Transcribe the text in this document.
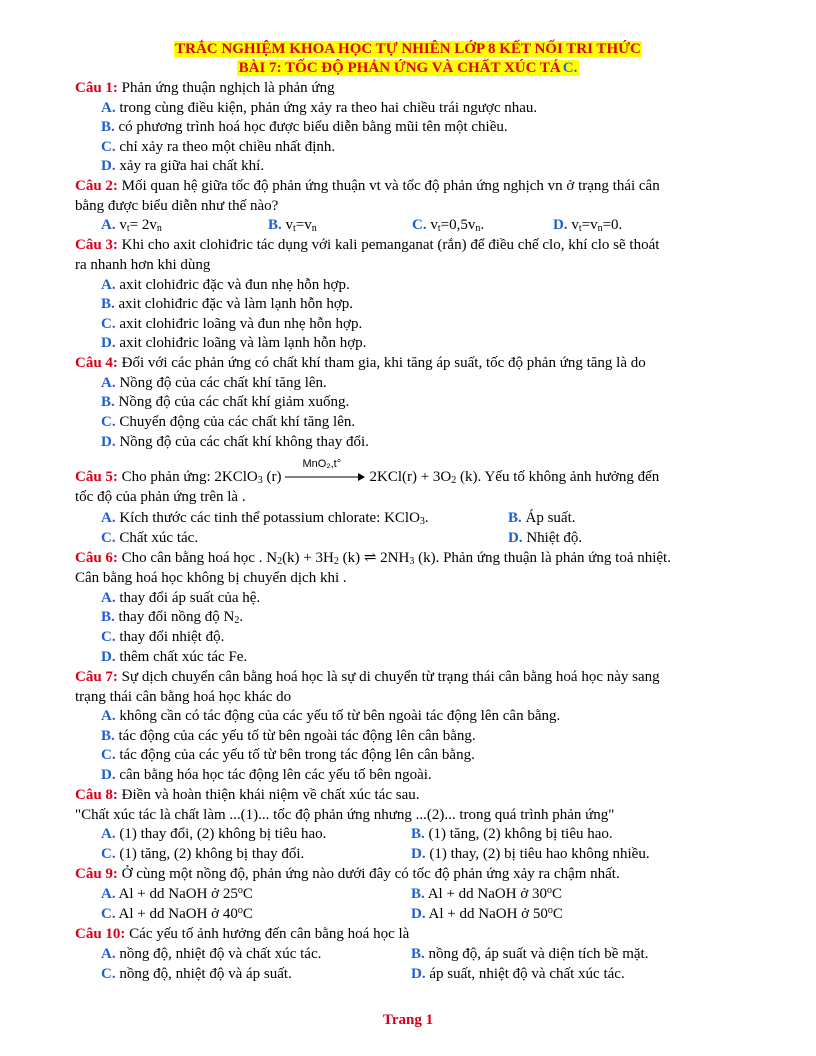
TRẮC NGHIỆM KHOA HỌC TỰ NHIÊN LỚP 8 KẾT NỐI TRI THỨC
BÀI 7: TỐC ĐỘ PHẢN ỨNG VÀ CHẤT XÚC TÁ C.
Câu 1: Phản ứng thuận nghịch là phản ứng
A. trong cùng điều kiện, phản ứng xảy ra theo hai chiều trái ngược nhau.
B. có phương trình hoá học được biểu diễn bằng mũi tên một chiều.
C. chỉ xảy ra theo một chiều nhất định.
D. xảy ra giữa hai chất khí.
Câu 2: Mối quan hệ giữa tốc độ phản ứng thuận vt và tốc độ phản ứng nghịch vn ở trạng thái cân
bằng được biểu diễn như thế nào?
A. $v_t= 2v_n$	B. $v_t=v_n$	C. $v_t=0,5v_n$.	D. $v_t=v_n=0$.
Câu 3: Khi cho axit clohiđric tác dụng với kali pemanganat (rắn) để điều chế clo, khí clo sẽ thoát
ra nhanh hơn khi dùng
A. axit clohiđric đặc và đun nhẹ hỗn hợp.
B. axit clohiđric đặc và làm lạnh hỗn hợp.
C. axit clohiđric loãng và đun nhẹ hỗn hợp.
D. axit clohiđric loãng và làm lạnh hỗn hợp.
Câu 4: Đối với các phản ứng có chất khí tham gia, khi tăng áp suất, tốc độ phản ứng tăng là do
A. Nồng độ của các chất khí tăng lên.
B. Nồng độ của các chất khí giảm xuống.
C. Chuyển động của các chất khí tăng lên.
D. Nồng độ của các chất khí không thay đổi.
Câu 5: Cho phản ứng: 2KClO$_3$ (r)
MnO₂,t°
$2KCl(r) + 3O_2$ (k). Yếu tố không ảnh hưởng đến
tốc độ của phản ứng trên là .
A. Kích thước các tinh thể potassium chlorate: KClO$_3$.	B. Áp suất.
C. Chất xúc tác.	D. Nhiệt độ.
Câu 6: Cho cân bằng hoá học . $N_2(k) + 3H_2$ (k) ⇌ $2NH_3$ (k). Phản ứng thuận là phản ứng toả nhiệt.
Cân bằng hoá học không bị chuyển dịch khi .
A. thay đổi áp suất của hệ.
B. thay đổi nồng độ $N_2$.
C. thay đổi nhiệt độ.
D. thêm chất xúc tác Fe.
Câu 7: Sự dịch chuyển cân bằng hoá học là sự di chuyển từ trạng thái cân bằng hoá học này sang
trạng thái cân bằng hoá học khác do
A. không cần có tác động của các yếu tố từ bên ngoài tác động lên cân bằng.
B. tác động của các yếu tố từ bên ngoài tác động lên cân bằng.
C. tác động của các yếu tố từ bên trong tác động lên cân bằng.
D. cân bằng hóa học tác động lên các yếu tố bên ngoài.
Câu 8: Điền và hoàn thiện khái niệm về chất xúc tác sau.
"Chất xúc tác là chất làm ...(1)... tốc độ phản ứng nhưng ...(2)... trong quá trình phản ứng"
A. (1) thay đổi, (2) không bị tiêu hao.	B. (1) tăng, (2) không bị tiêu hao.
C. (1) tăng, (2) không bị thay đổi.	D. (1) thay, (2) bị tiêu hao không nhiều.
Câu 9: Ở cùng một nồng độ, phản ứng nào dưới đây có tốc độ phản ứng xảy ra chậm nhất.
A. Al + dd NaOH ở 25$^o$C	B. Al + dd NaOH ở 30$^o$C
C. Al + dd NaOH ở 40$^o$C	D. Al + dd NaOH ở 50$^o$C
Câu 10: Các yếu tố ảnh hưởng đến cân bằng hoá học là
A. nồng độ, nhiệt độ và chất xúc tác.	B. nồng độ, áp suất và diện tích bề mặt.
C. nồng độ, nhiệt độ và áp suất.	D. áp suất, nhiệt độ và chất xúc tác.
Trang 1
